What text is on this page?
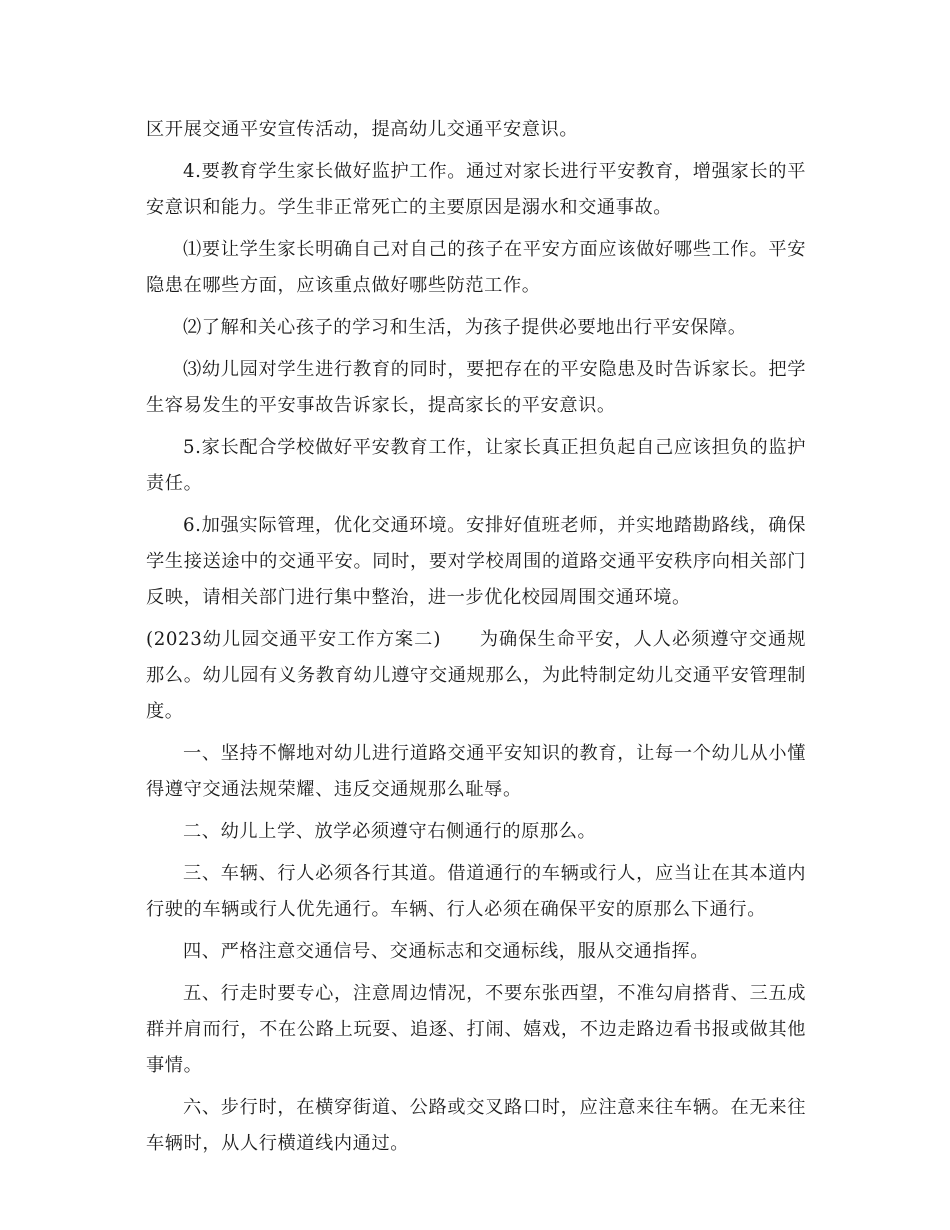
区开展交通平安宣传活动，提高幼儿交通平安意识。

4.要教育学生家长做好监护工作。通过对家长进行平安教育，增强家长的平安意识和能力。学生非正常死亡的主要原因是溺水和交通事故。

⑴要让学生家长明确自己对自己的孩子在平安方面应该做好哪些工作。平安隐患在哪些方面，应该重点做好哪些防范工作。

⑵了解和关心孩子的学习和生活，为孩子提供必要地出行平安保障。

⑶幼儿园对学生进行教育的同时，要把存在的平安隐患及时告诉家长。把学生容易发生的平安事故告诉家长，提高家长的平安意识。

5.家长配合学校做好平安教育工作，让家长真正担负起自己应该担负的监护责任。

6.加强实际管理，优化交通环境。安排好值班老师，并实地踏勘路线，确保学生接送途中的交通平安。同时，要对学校周围的道路交通平安秩序向相关部门反映，请相关部门进行集中整治，进一步优化校园周围交通环境。

(2023幼儿园交通平安工作方案二)　　为确保生命平安，人人必须遵守交通规那么。幼儿园有义务教育幼儿遵守交通规那么，为此特制定幼儿交通平安管理制度。

一、坚持不懈地对幼儿进行道路交通平安知识的教育，让每一个幼儿从小懂得遵守交通法规荣耀、违反交通规那么耻辱。

二、幼儿上学、放学必须遵守右侧通行的原那么。

三、车辆、行人必须各行其道。借道通行的车辆或行人，应当让在其本道内行驶的车辆或行人优先通行。车辆、行人必须在确保平安的原那么下通行。

四、严格注意交通信号、交通标志和交通标线，服从交通指挥。

五、行走时要专心，注意周边情况，不要东张西望，不准勾肩搭背、三五成群并肩而行，不在公路上玩耍、追逐、打闹、嬉戏，不边走路边看书报或做其他事情。

六、步行时，在横穿街道、公路或交叉路口时，应注意来往车辆。在无来往车辆时，从人行横道线内通过。
